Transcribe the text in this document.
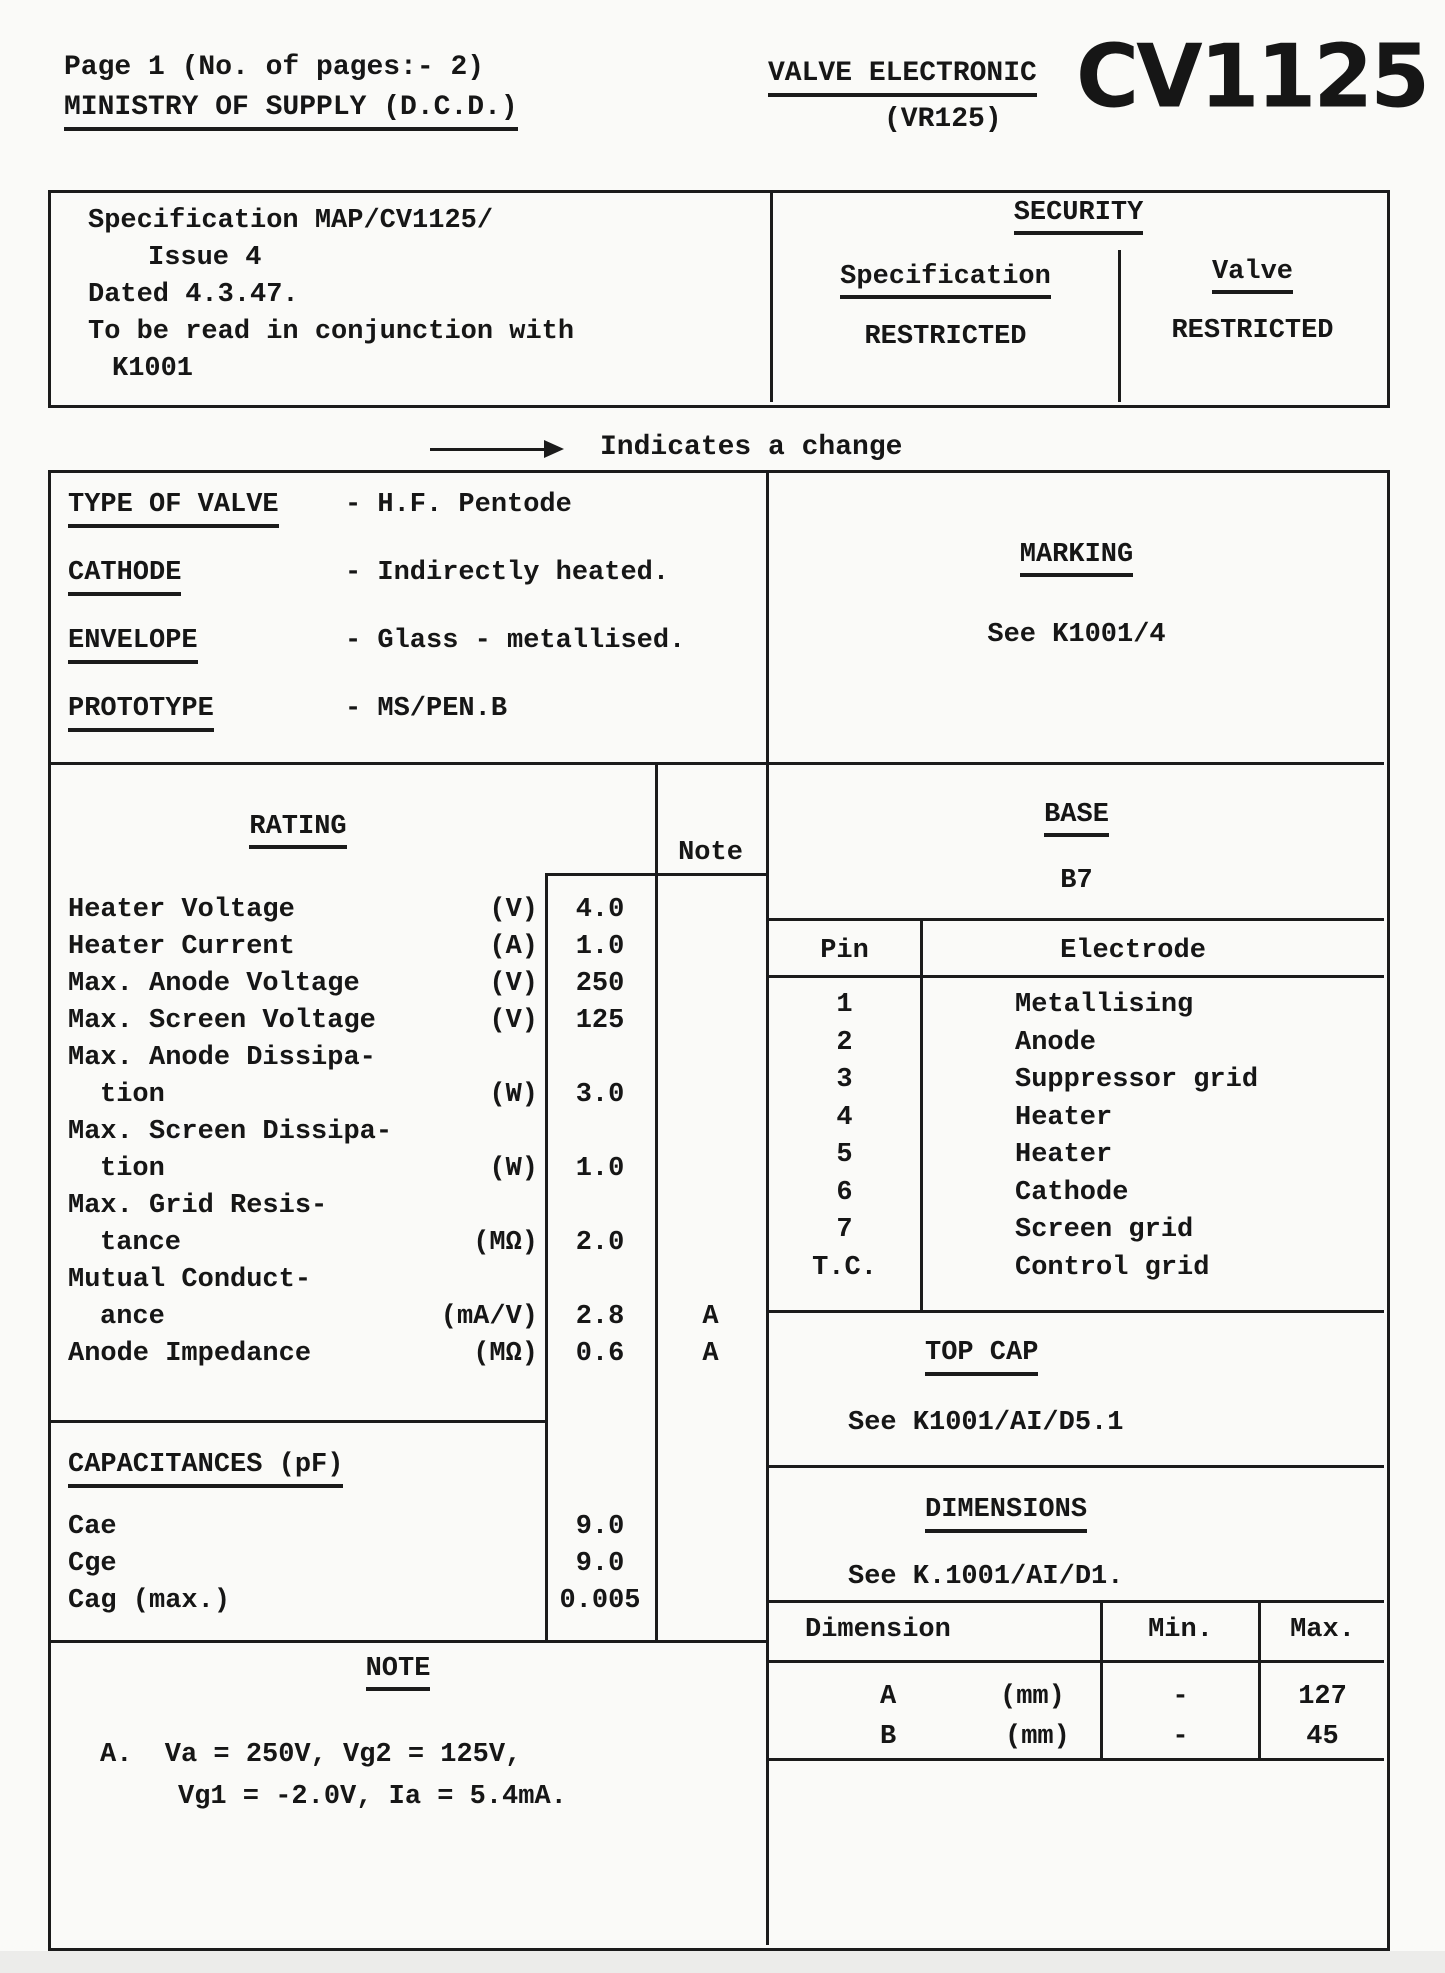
Page 1 (No. of pages:- 2)
MINISTRY OF SUPPLY (D.C.D.)
VALVE ELECTRONIC
(VR125) CV1125
Specification MAP/CV1125/
Issue 4
Dated 4.3.47.
To be read in conjunction with
K1001
SECURITY
Specification	Valve
RESTRICTED	RESTRICTED
Indicates a change
TYPE OF VALVE - H.F. Pentode
CATHODE	- Indirectly heated.
ENVELOPE	- Glass - metallised.
PROTOTYPE	- MS/PEN.B
MARKING
See K1001/4
RATING
Note
Heater Voltage	(V)	4.0
Heater Current	(A)	1.0
Max. Anode Voltage	(V)	250
Max. Screen Voltage	(V)	125
Max. Anode Dissipa-
tion	(W)	3.0
Max. Screen Dissipa-
tion	(W)	1.0
Max. Grid Resis-
tance	(MΩ)	2.0
Mutual Conduct-
ance	(mA/V)	2.8	A
Anode Impedance	(MΩ)	0.6	A
CAPACITANCES (pF)
Cae	9.0
Cge	9.0
Cag (max.)	0.005
NOTE
A.  Va = 250V, Vg2 = 125V,
Vg1 = -2.0V, Ia = 5.4mA.
BASE
B7
Pin	Electrode
1	Metallising
2	Anode
3	Suppressor grid
4	Heater
5	Heater
6	Cathode
7	Screen grid
T.C.	Control grid
TOP CAP
See K1001/AI/D5.1
DIMENSIONS
See K.1001/AI/D1.
Dimension	Min.	Max.
A	(mm)	-	127
B	(mm)	-	45
